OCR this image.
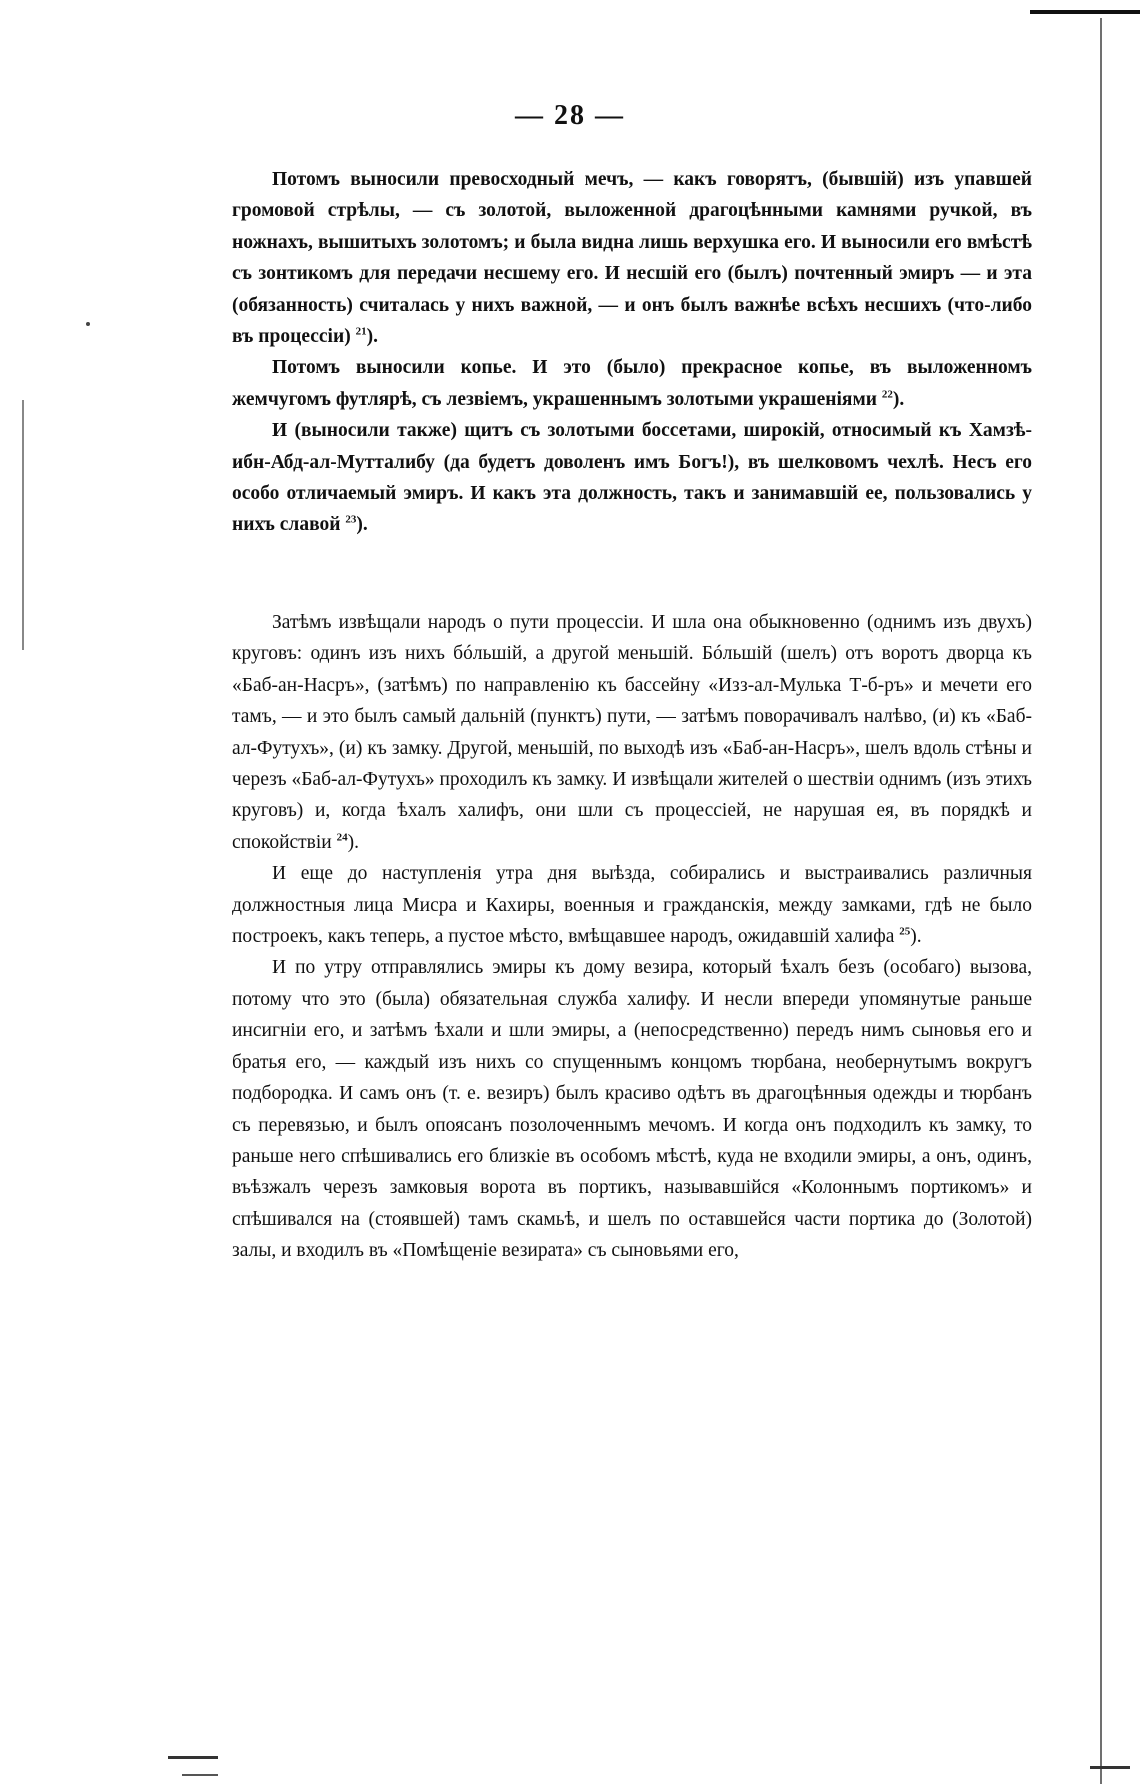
— 28 —

Потомъ выносили превосходный мечъ, — какъ говорятъ, (бывшій) изъ упавшей громовой стрѣлы, — съ золотой, выложенной драгоцѣнными камнями ручкой, въ ножнахъ, вышитыхъ золотомъ; и была видна лишь верхушка его. И выносили его вмѣстѣ съ зонтикомъ для передачи несшему его. И несшій его (былъ) почтенный эмиръ — и эта (обязанность) считалась у нихъ важной, — и онъ былъ важнѣе всѣхъ несшихъ (что-либо въ процессіи) $^{21}$).

Потомъ выносили копье. И это (было) прекрасное копье, въ выложенномъ жемчугомъ футлярѣ, съ лезвіемъ, украшеннымъ золотыми украшеніями $^{22}$).

И (выносили также) щитъ съ золотыми боссетами, широкій, относимый къ Хамзѣ-ибн-Абд-ал-Мутталибу (да будетъ доволенъ имъ Богъ!), въ шелковомъ чехлѣ. Несъ его особо отличаемый эмиръ. И какъ эта должность, такъ и занимавшій ее, пользовались у нихъ славой $^{23}$).

Затѣмъ извѣщали народъ о пути процессіи. И шла она обыкновенно (однимъ изъ двухъ) круговъ: одинъ изъ нихъ бóльшій, а другой меньшій. Бóльшій (шелъ) отъ воротъ дворца къ «Баб-ан-Насръ», (затѣмъ) по направленію къ бассейну «Изз-ал-Мулька Т-б-ръ» и мечети его тамъ, — и это былъ самый дальній (пунктъ) пути, — затѣмъ поворачивалъ налѣво, (и) къ «Баб-ал-Футухъ», (и) къ замку. Другой, меньшій, по выходѣ изъ «Баб-ан-Насръ», шелъ вдоль стѣны и черезъ «Баб-ал-Футухъ» проходилъ къ замку. И извѣщали жителей о шествіи однимъ (изъ этихъ круговъ) и, когда ѣхалъ халифъ, они шли съ процессіей, не нарушая ея, въ порядкѣ и спокойствіи $^{24}$).

И еще до наступленія утра дня выѣзда, собирались и выстраивались различныя должностныя лица Мисра и Кахиры, военныя и гражданскія, между замками, гдѣ не было построекъ, какъ теперь, а пустое мѣсто, вмѣщавшее народъ, ожидавшій халифа $^{25}$).

И по утру отправлялись эмиры къ дому везира, который ѣхалъ безъ (особаго) вызова, потому что это (была) обязательная служба халифу. И несли впереди упомянутые раньше инсигніи его, и затѣмъ ѣхали и шли эмиры, а (непосредственно) передъ нимъ сыновья его и братья его, — каждый изъ нихъ со спущеннымъ концомъ тюрбана, необернутымъ вокругъ подбородка. И самъ онъ (т. е. везиръ) былъ красиво одѣтъ въ драгоцѣнныя одежды и тюрбанъ съ перевязью, и былъ опоясанъ позолоченнымъ мечомъ. И когда онъ подходилъ къ замку, то раньше него спѣшивались его близкіе въ особомъ мѣстѣ, куда не входили эмиры, а онъ, одинъ, въѣзжалъ черезъ замковыя ворота въ портикъ, называвшійся «Колоннымъ портикомъ» и спѣшивался на (стоявшей) тамъ скамьѣ, и шелъ по оставшейся части портика до (Золотой) залы, и входилъ въ «Помѣщеніе везирата» съ сыновьями его,
